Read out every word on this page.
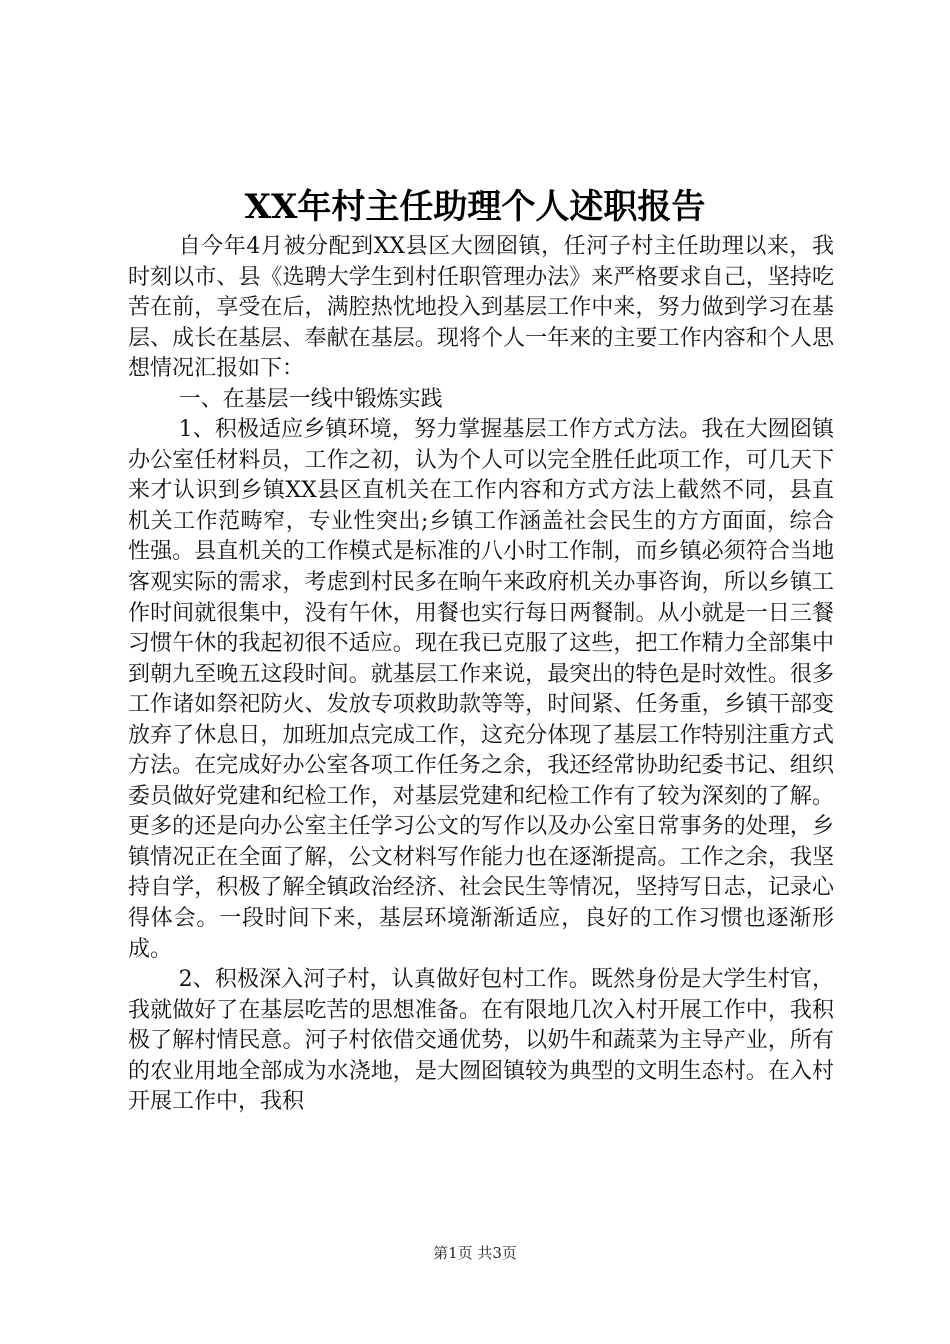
XX年村主任助理个人述职报告

自今年4月被分配到XX县区大囫囵镇，任河子村主任助理以来，我时刻以市、县《选聘大学生到村任职管理办法》来严格要求自己，坚持吃苦在前，享受在后，满腔热忱地投入到基层工作中来，努力做到学习在基层、成长在基层、奉献在基层。现将个人一年来的主要工作内容和个人思想情况汇报如下：

一、在基层一线中锻炼实践

1、积极适应乡镇环境，努力掌握基层工作方式方法。我在大囫囵镇办公室任材料员，工作之初，认为个人可以完全胜任此项工作，可几天下来才认识到乡镇XX县区直机关在工作内容和方式方法上截然不同，县直机关工作范畴窄，专业性突出;乡镇工作涵盖社会民生的方方面面，综合性强。县直机关的工作模式是标准的八小时工作制，而乡镇必须符合当地客观实际的需求，考虑到村民多在晌午来政府机关办事咨询，所以乡镇工作时间就很集中，没有午休，用餐也实行每日两餐制。从小就是一日三餐习惯午休的我起初很不适应。现在我已克服了这些，把工作精力全部集中到朝九至晚五这段时间。就基层工作来说，最突出的特色是时效性。很多工作诸如祭祀防火、发放专项救助款等等，时间紧、任务重，乡镇干部变放弃了休息日，加班加点完成工作，这充分体现了基层工作特别注重方式方法。在完成好办公室各项工作任务之余，我还经常协助纪委书记、组织委员做好党建和纪检工作，对基层党建和纪检工作有了较为深刻的了解。更多的还是向办公室主任学习公文的写作以及办公室日常事务的处理，乡镇情况正在全面了解，公文材料写作能力也在逐渐提高。工作之余，我坚持自学，积极了解全镇政治经济、社会民生等情况，坚持写日志，记录心得体会。一段时间下来，基层环境渐渐适应，良好的工作习惯也逐渐形成。

2、积极深入河子村，认真做好包村工作。既然身份是大学生村官，我就做好了在基层吃苦的思想准备。在有限地几次入村开展工作中，我积极了解村情民意。河子村依借交通优势，以奶牛和蔬菜为主导产业，所有的农业用地全部成为水浇地，是大囫囵镇较为典型的文明生态村。在入村开展工作中，我积

第1页 共3页
